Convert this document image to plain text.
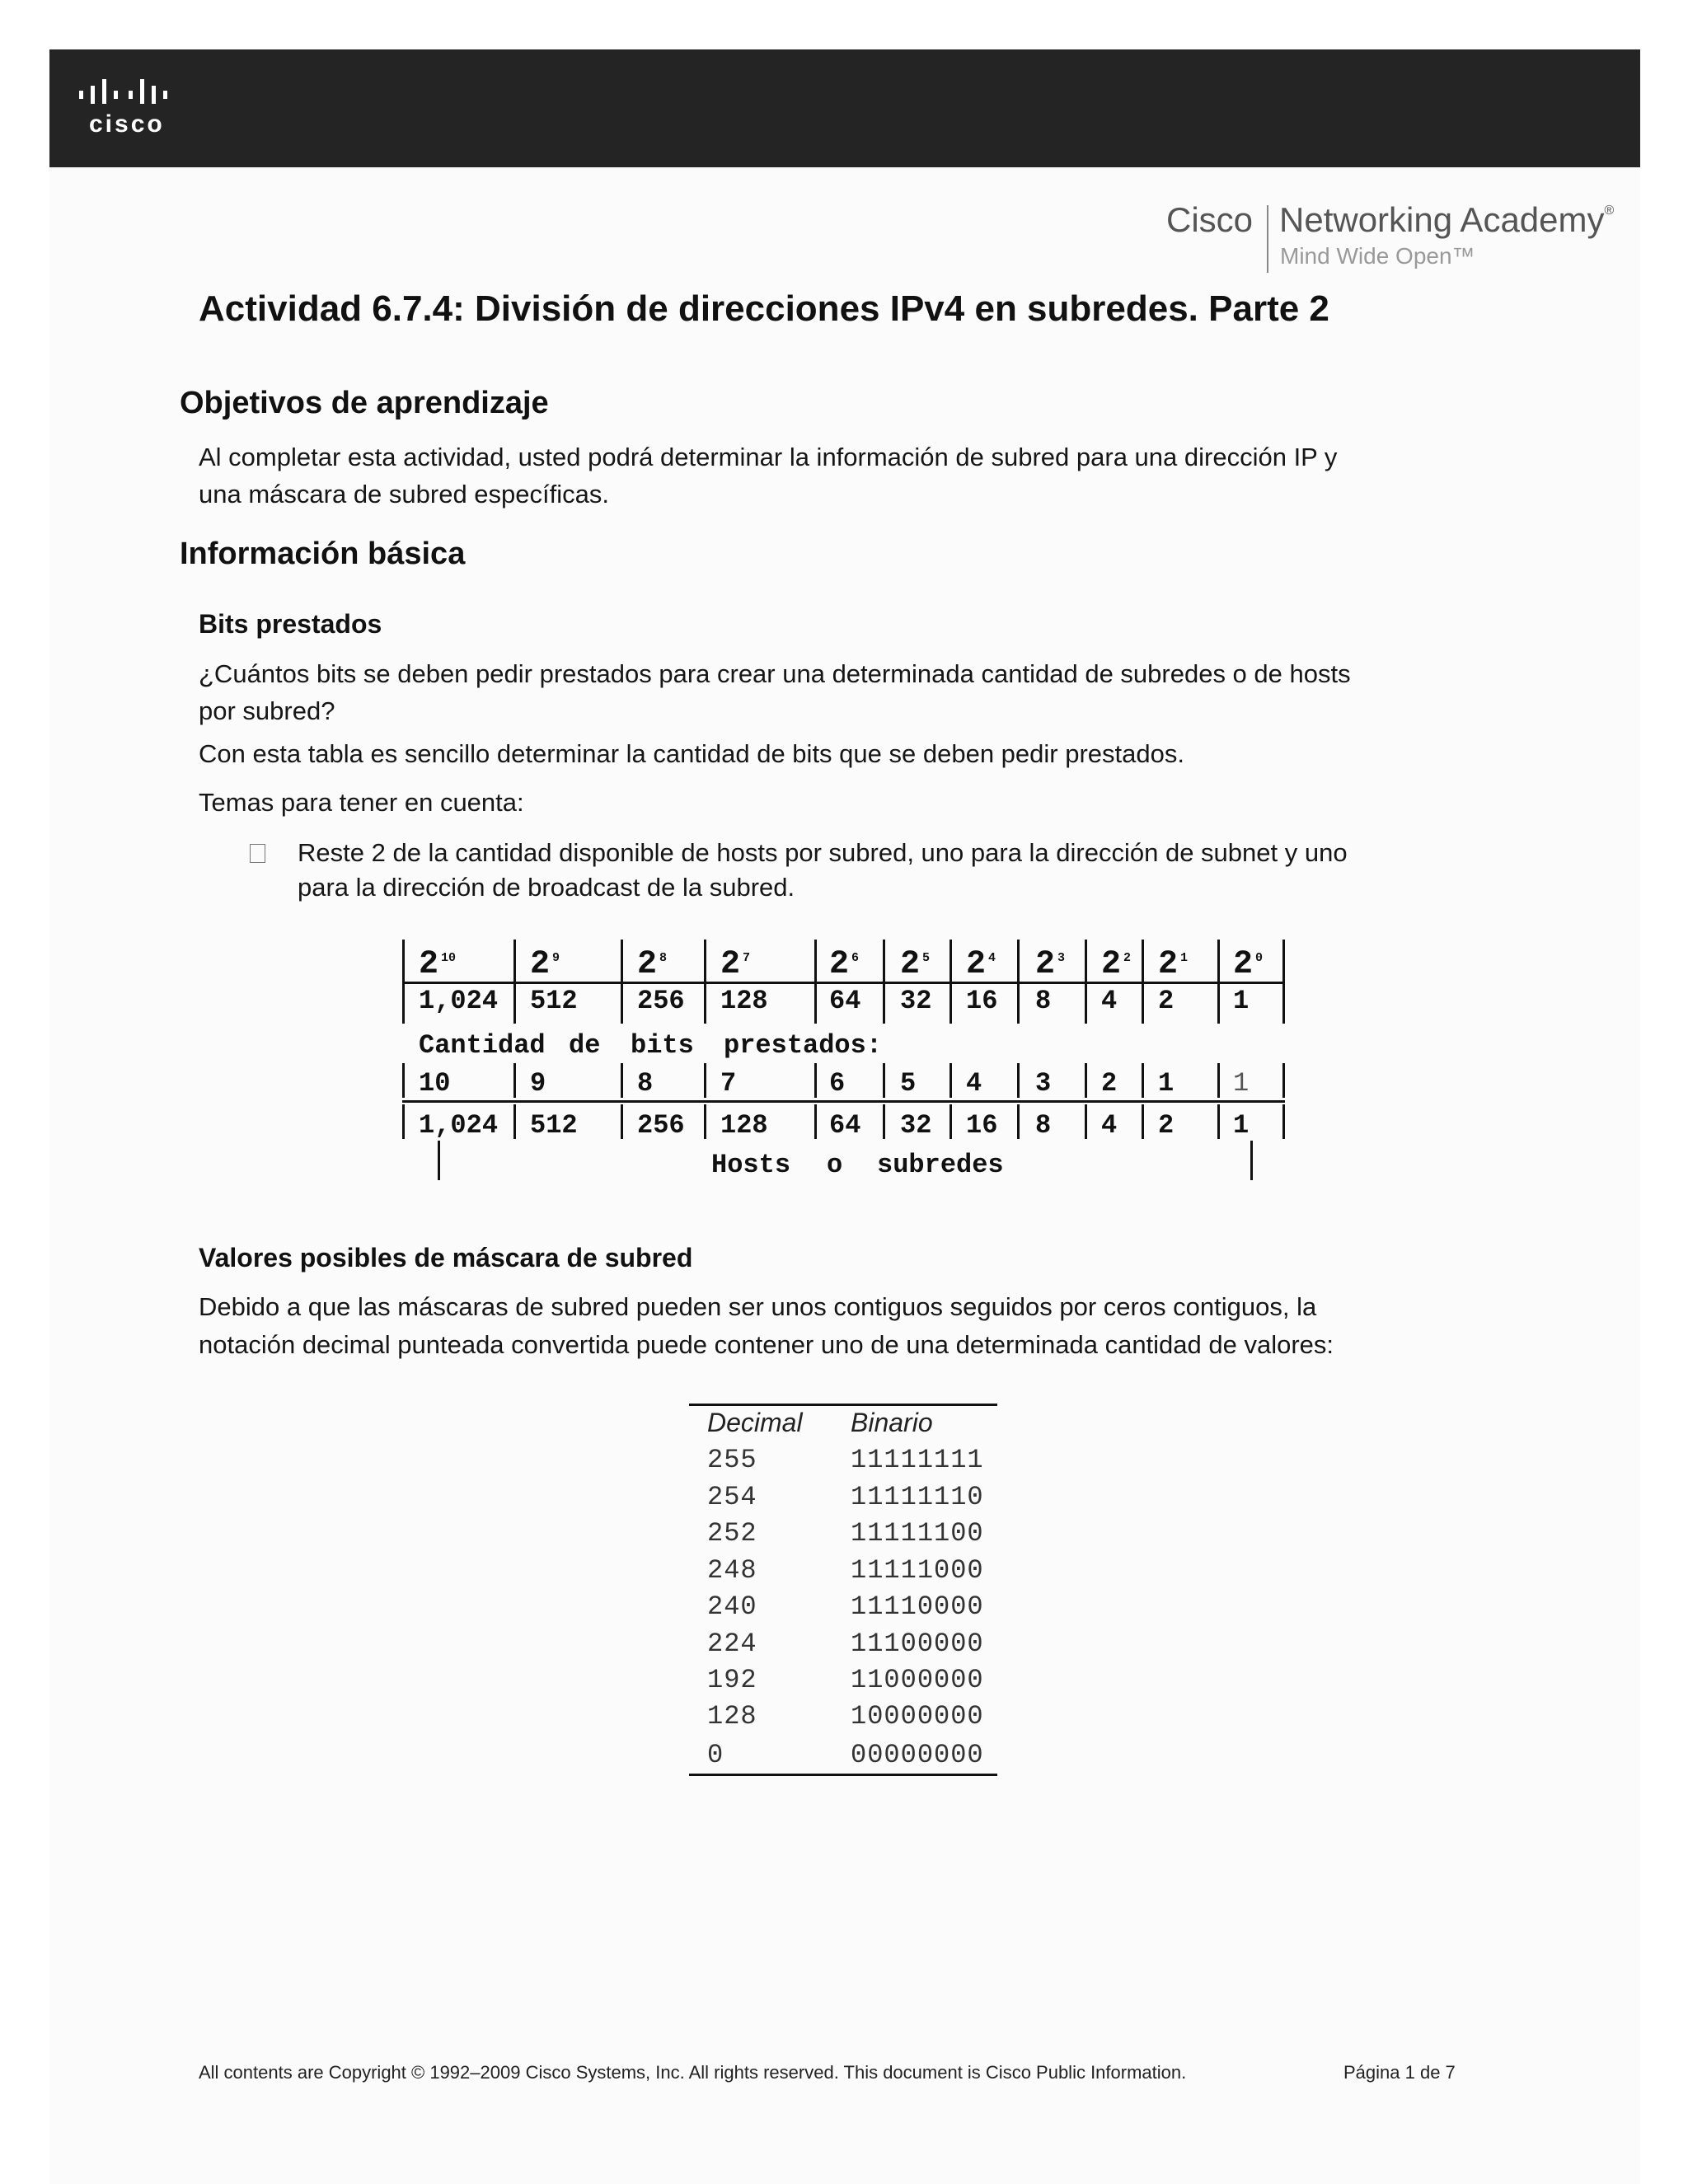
cisco
Cisco Networking Academy®
Mind Wide Open™
Actividad 6.7.4: División de direcciones IPv4 en subredes. Parte 2
Objetivos de aprendizaje
Al completar esta actividad, usted podrá determinar la información de subred para una dirección IP y
una máscara de subred específicas.
Información básica
Bits prestados
¿Cuántos bits se deben pedir prestados para crear una determinada cantidad de subredes o de hosts
por subred?
Con esta tabla es sencillo determinar la cantidad de bits que se deben pedir prestados.
Temas para tener en cuenta:
Reste 2 de la cantidad disponible de hosts por subred, uno para la dirección de subnet y uno
para la dirección de broadcast de la subred.
2 $^{10}$ 2 $^9$ 2 $^8$ 2 $^7$ 2 $^6$ 2 $^5$ 2 $^4$ 2 $^3$ 2 $^2$ 2 $^1$ 2 $^0$
1,024 512 256 128 64 32 16 8 4 2 1
Cantidad de bits prestados:
10	9	8	7	6 5 4 3 2 1 1
1,024 512 256 128 64 32 16 8 4 2 1
Hosts o subredes
Valores posibles de máscara de subred
Debido a que las máscaras de subred pueden ser unos contiguos seguidos por ceros contiguos, la
notación decimal punteada convertida puede contener uno de una determinada cantidad de valores:
Decimal Binario
255	11111111
254	11111110
252	11111100
248	11111000
240	11110000
224	11100000
192	11000000
128	10000000
0	00000000
All contents are Copyright © 1992–2009 Cisco Systems, Inc. All rights reserved. This document is Cisco Public Information.	Página 1 de 7
